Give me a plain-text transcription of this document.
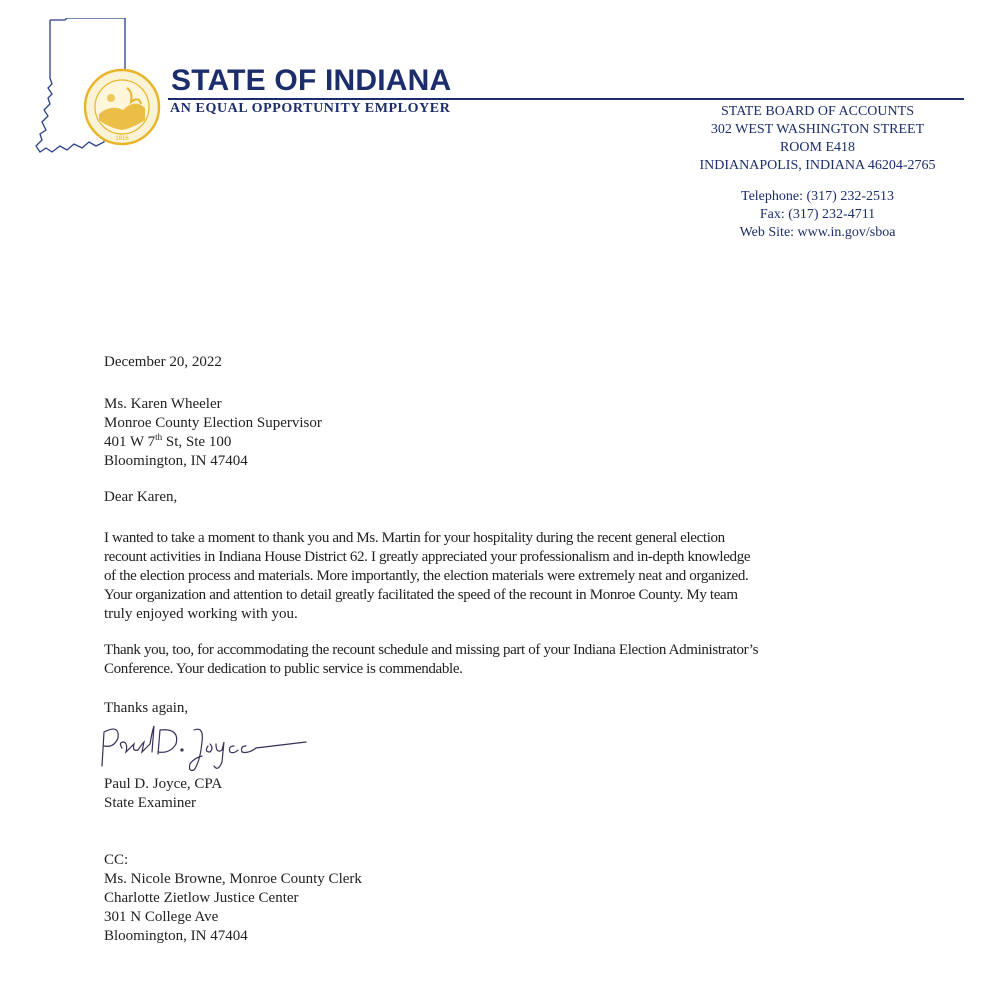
1816
STATE OF INDIANA
AN EQUAL OPPORTUNITY EMPLOYER	STATE BOARD OF ACCOUNTS
302 WEST WASHINGTON STREET
ROOM E418
INDIANAPOLIS, INDIANA 46204-2765
Telephone: (317) 232-2513
Fax: (317) 232-4711
Web Site: www.in.gov/sboa
December 20, 2022
Ms. Karen Wheeler
Monroe County Election Supervisor
401 W 7th St, Ste 100
Bloomington, IN 47404
Dear Karen,
I wanted to take a moment to thank you and Ms. Martin for your hospitality during the recent general election
recount activities in Indiana House District 62. I greatly appreciated your professionalism and in-depth knowledge
of the election process and materials. More importantly, the election materials were extremely neat and organized.
Your organization and attention to detail greatly facilitated the speed of the recount in Monroe County. My team
truly enjoyed working with you.
Thank you, too, for accommodating the recount schedule and missing part of your Indiana Election Administrator’s
Conference. Your dedication to public service is commendable.
Thanks again,
Paul D. Joyce, CPA
State Examiner
CC:
Ms. Nicole Browne, Monroe County Clerk
Charlotte Zietlow Justice Center
301 N College Ave
Bloomington, IN 47404
